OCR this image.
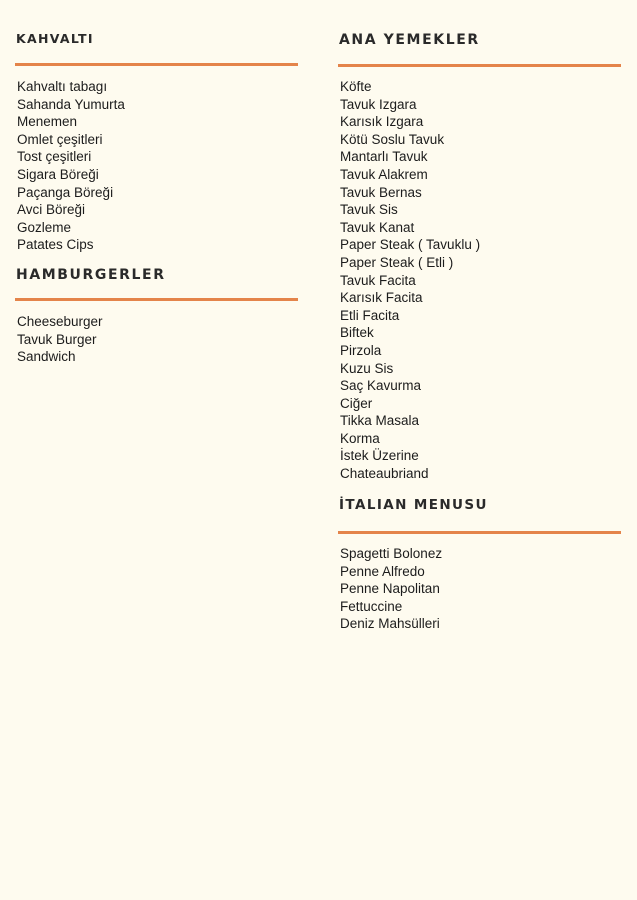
KAHVALTI
Kahvaltı tabagı
Sahanda Yumurta
Menemen
Omlet çeşitleri
Tost çeşitleri
Sigara Böreği
Paçanga Böreği
Avci Böreği
Gozleme
Patates Cips
HAMBURGERLER
Cheeseburger
Tavuk Burger
Sandwich
ANA YEMEKLER
Köfte
Tavuk Izgara
Karısık Izgara
Kötü Soslu Tavuk
Mantarlı Tavuk
Tavuk Alakrem
Tavuk Bernas
Tavuk Sis
Tavuk Kanat
Paper Steak ( Tavuklu )
Paper Steak ( Etli )
Tavuk Facita
Karısık Facita
Etli Facita
Biftek
Pirzola
Kuzu Sis
Saç Kavurma
Ciğer
Tikka Masala
Korma
İstek Üzerine
Chateaubriand
İTALIAN MENUSU
Spagetti Bolonez
Penne Alfredo
Penne Napolitan
Fettuccine
Deniz Mahsülleri
